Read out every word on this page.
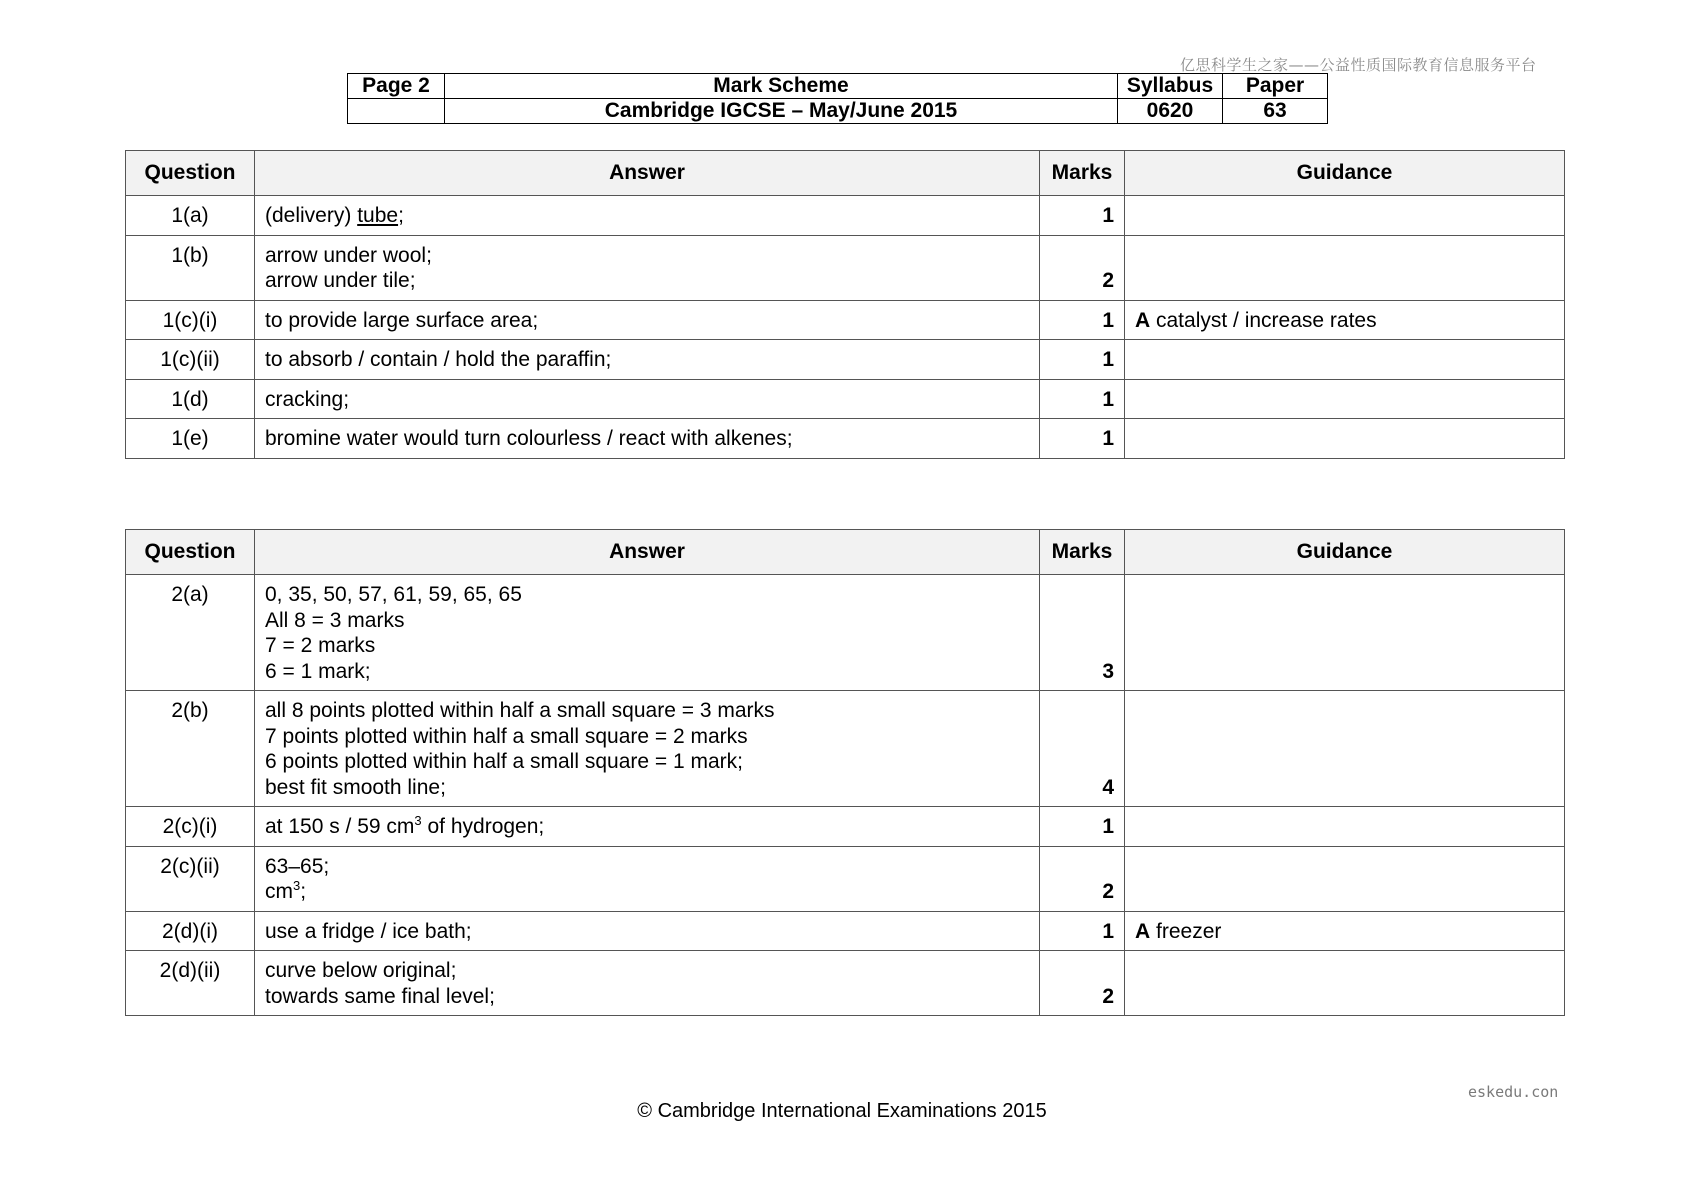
亿思科学生之家——公益性质国际教育信息服务平台
Page 2	Mark Scheme	Syllabus	Paper
	Cambridge IGCSE – May/June 2015	0620	63
Question	Answer	Marks	Guidance
1(a)	(delivery) tube;	1	
1(b)	arrow under wool;
arrow under tile;	2	
1(c)(i)	to provide large surface area;	1	A catalyst / increase rates
1(c)(ii)	to absorb / contain / hold the paraffin;	1	
1(d)	cracking;	1	
1(e)	bromine water would turn colourless / react with alkenes;	1	
Question	Answer	Marks	Guidance
2(a)	0, 35, 50, 57, 61, 59, 65, 65
All 8 = 3 marks
7 = 2 marks
6 = 1 mark;	3	
2(b)	all 8 points plotted within half a small square = 3 marks
7 points plotted within half a small square = 2 marks
6 points plotted within half a small square = 1 mark;
best fit smooth line;	4	
2(c)(i)	at 150 s / 59 $cm^3$ of hydrogen;	1	
2(c)(ii)	63–65;
$cm^3$;	2	
2(d)(i)	use a fridge / ice bath;	1	A freezer
2(d)(ii)	curve below original;
towards same final level;	2	
eskedu.con
© Cambridge International Examinations 2015
